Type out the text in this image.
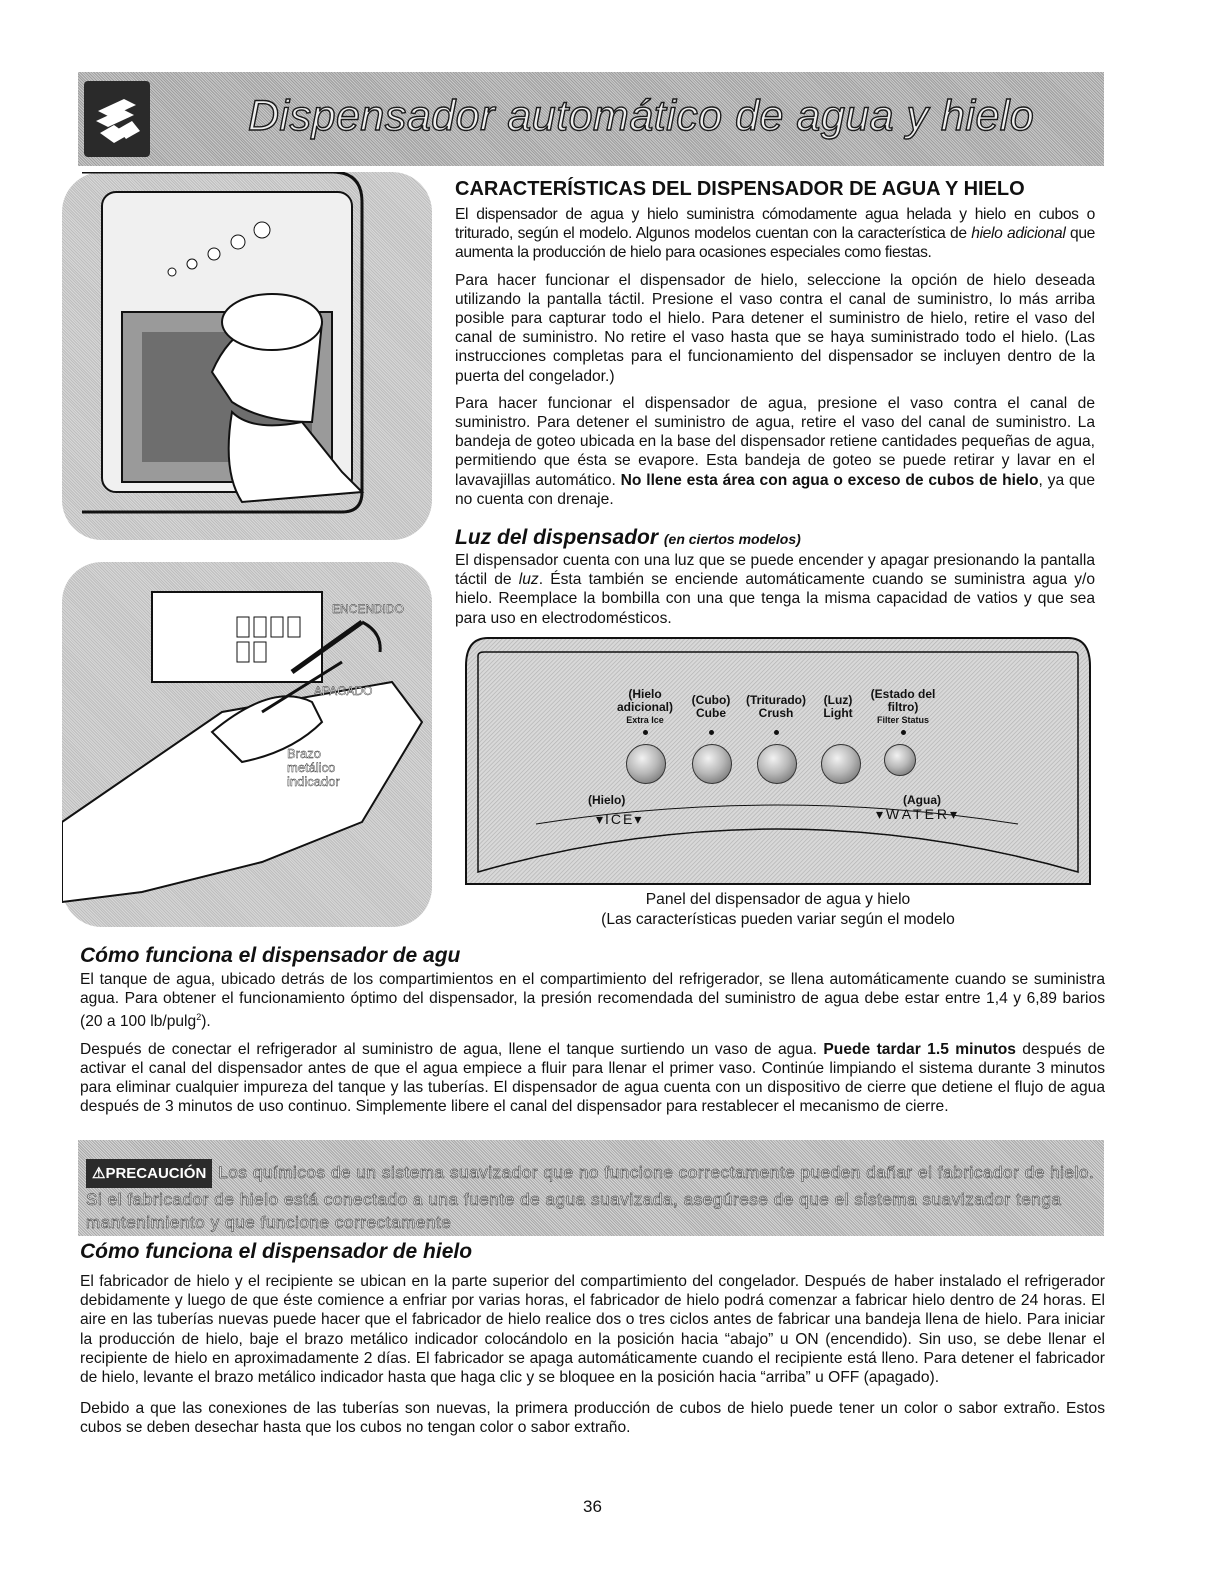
Dispensador automático de agua y hielo
ENCENDIDO
APAGADO
Brazo metálico indicador
CARACTERÍSTICAS DEL DISPENSADOR DE AGUA Y HIELO

El dispensador de agua y hielo suministra cómodamente agua helada y hielo en cubos o triturado, según el modelo. Algunos modelos cuentan con la característica de hielo adicional que aumenta la producción de hielo para ocasiones especiales como fiestas.

Para hacer funcionar el dispensador de hielo, seleccione la opción de hielo deseada utilizando la pantalla táctil. Presione el vaso contra el canal de suministro, lo más arriba posible para capturar todo el hielo. Para detener el suministro de hielo, retire el vaso del canal de suministro. No retire el vaso hasta que se haya suministrado todo el hielo. (Las instrucciones completas para el funcionamiento del dispensador se incluyen dentro de la puerta del congelador.)

Para hacer funcionar el dispensador de agua, presione el vaso contra el canal de suministro. Para detener el suministro de agua, retire el vaso del canal de suministro. La bandeja de goteo ubicada en la base del dispensador retiene cantidades pequeñas de agua, permitiendo que ésta se evapore. Esta bandeja de goteo se puede retirar y lavar en el lavavajillas automático. No llene esta área con agua o exceso de cubos de hielo, ya que no cuenta con drenaje.

Luz del dispensador (en ciertos modelos)

El dispensador cuenta con una luz que se puede encender y apagar presionando la pantalla táctil de luz. Ésta también se enciende automáticamente cuando se suministra agua y/o hielo. Reemplace la bombilla con una que tenga la misma capacidad de vatios y que sea para uso en electrodomésticos.

(Hielo adicional)
Extra Ice
(Cubo)
Cube
(Triturado)
Crush
(Luz)
Light
(Estado del filtro)
Filter Status
(Hielo)
▾ICE▾
(Agua)
▾WATER▾
Panel del dispensador de agua y hielo
(Las características pueden variar según el modelo
Cómo funciona el dispensador de agu

El tanque de agua, ubicado detrás de los compartimientos en el compartimiento del refrigerador, se llena automáticamente cuando se suministra agua. Para obtener el funcionamiento óptimo del dispensador, la presión recomendada del suministro de agua debe estar entre 1,4 y 6,89 barios (20 a 100 lb/pulg$^2$).

Después de conectar el refrigerador al suministro de agua, llene el tanque surtiendo un vaso de agua. Puede tardar 1.5 minutos después de activar el canal del dispensador antes de que el agua empiece a fluir para llenar el primer vaso. Continúe limpiando el sistema durante 3 minutos para eliminar cualquier impureza del tanque y las tuberías. El dispensador de agua cuenta con un dispositivo de cierre que detiene el flujo de agua después de 3 minutos de uso continuo. Simplemente libere el canal del dispensador para restablecer el mecanismo de cierre.

⚠PRECAUCIÓN Los químicos de un sistema suavizador que no funcione correctamente pueden dañar el fabricador de hielo.
Si el fabricador de hielo está conectado a una fuente de agua suavizada, asegúrese de que el sistema suavizador tenga
mantenimiento y que funcione correctamente
Cómo funciona el dispensador de hielo

El fabricador de hielo y el recipiente se ubican en la parte superior del compartimiento del congelador. Después de haber instalado el refrigerador debidamente y luego de que éste comience a enfriar por varias horas, el fabricador de hielo podrá comenzar a fabricar hielo dentro de 24 horas. El aire en las tuberías nuevas puede hacer que el fabricador de hielo realice dos o tres ciclos antes de fabricar una bandeja llena de hielo. Para iniciar la producción de hielo, baje el brazo metálico indicador colocándolo en la posición hacia “abajo” u ON (encendido). Sin uso, se debe llenar el recipiente de hielo en aproximadamente 2 días. El fabricador se apaga automáticamente cuando el recipiente está lleno. Para detener el fabricador de hielo, levante el brazo metálico indicador hasta que haga clic y se bloquee en la posición hacia “arriba” u OFF (apagado).

Debido a que las conexiones de las tuberías son nuevas, la primera producción de cubos de hielo puede tener un color o sabor extraño. Estos cubos se deben desechar hasta que los cubos no tengan color o sabor extraño.

36
